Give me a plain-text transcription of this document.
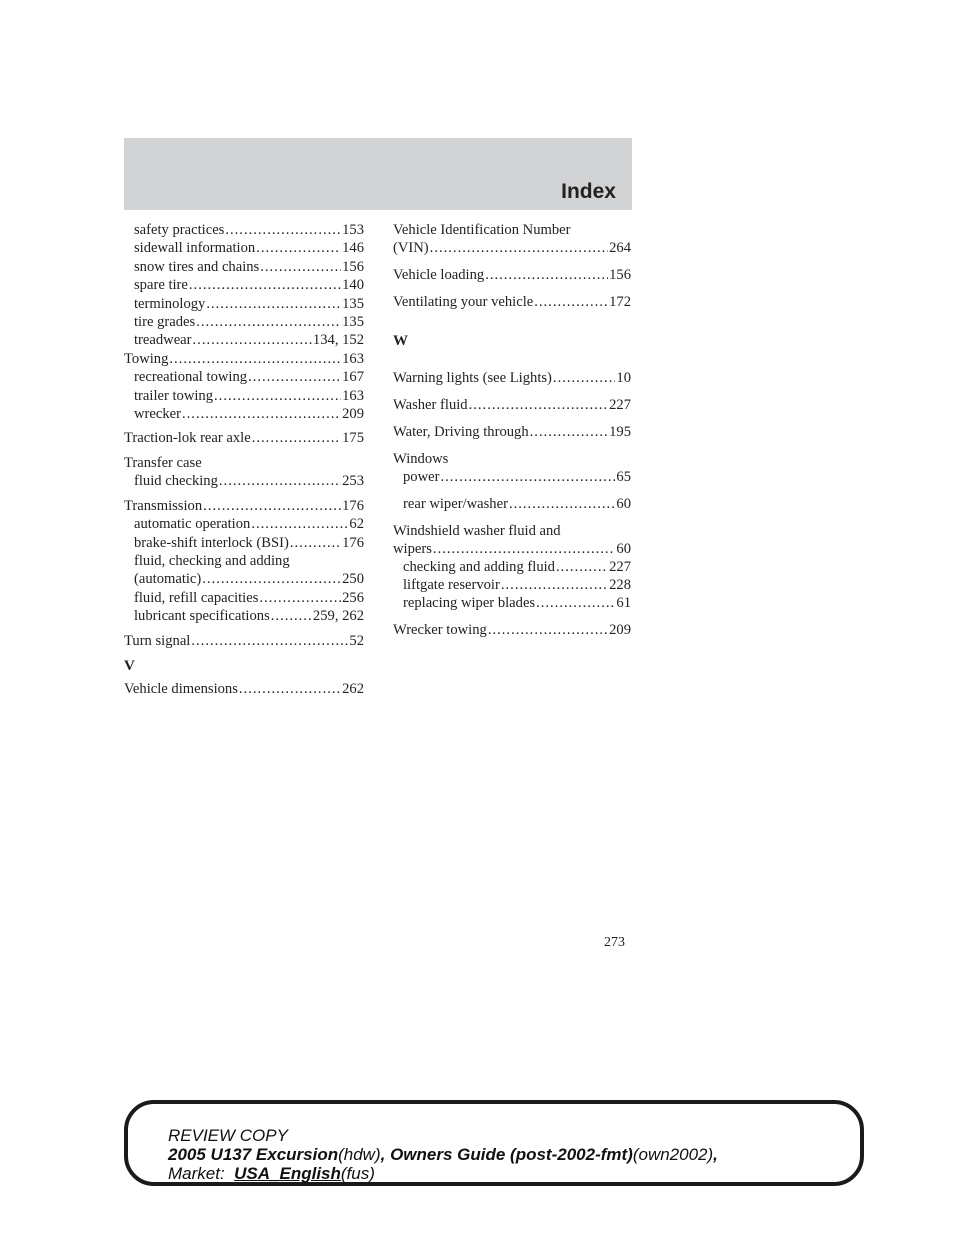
Index
safety practices .....	153
sidewall information .....	146
snow tires and chains .....	156
spare tire .....	140
terminology .....	135
tire grades .....	135
treadwear .....	134, 152
Towing .....	163
recreational towing .....	167
trailer towing .....	163
wrecker .....	209
Traction-lok rear axle .....	175
Transfer case
fluid checking .....	253
Transmission .....	176
automatic operation .....	62
brake-shift interlock (BSI) .....	176
fluid, checking and adding
(automatic) .....	250
fluid, refill capacities .....	256
lubricant specifications .....	259, 262
Turn signal .....	52
V
Vehicle dimensions .....	262
Vehicle Identification Number
(VIN) .....	264
Vehicle loading .....	156
Ventilating your vehicle .....	172
W
Warning lights (see Lights) .....	10
Washer fluid .....	227
Water, Driving through .....	195
Windows
power .....	65
rear wiper/washer .....	60
Windshield washer fluid and
wipers .....	60
checking and adding fluid .....	227
liftgate reservoir .....	228
replacing wiper blades .....	61
Wrecker towing .....	209
273
REVIEW COPY
2005 U137 Excursion(hdw), Owners Guide (post-2002-fmt)(own2002),
Market: USA_English(fus)
